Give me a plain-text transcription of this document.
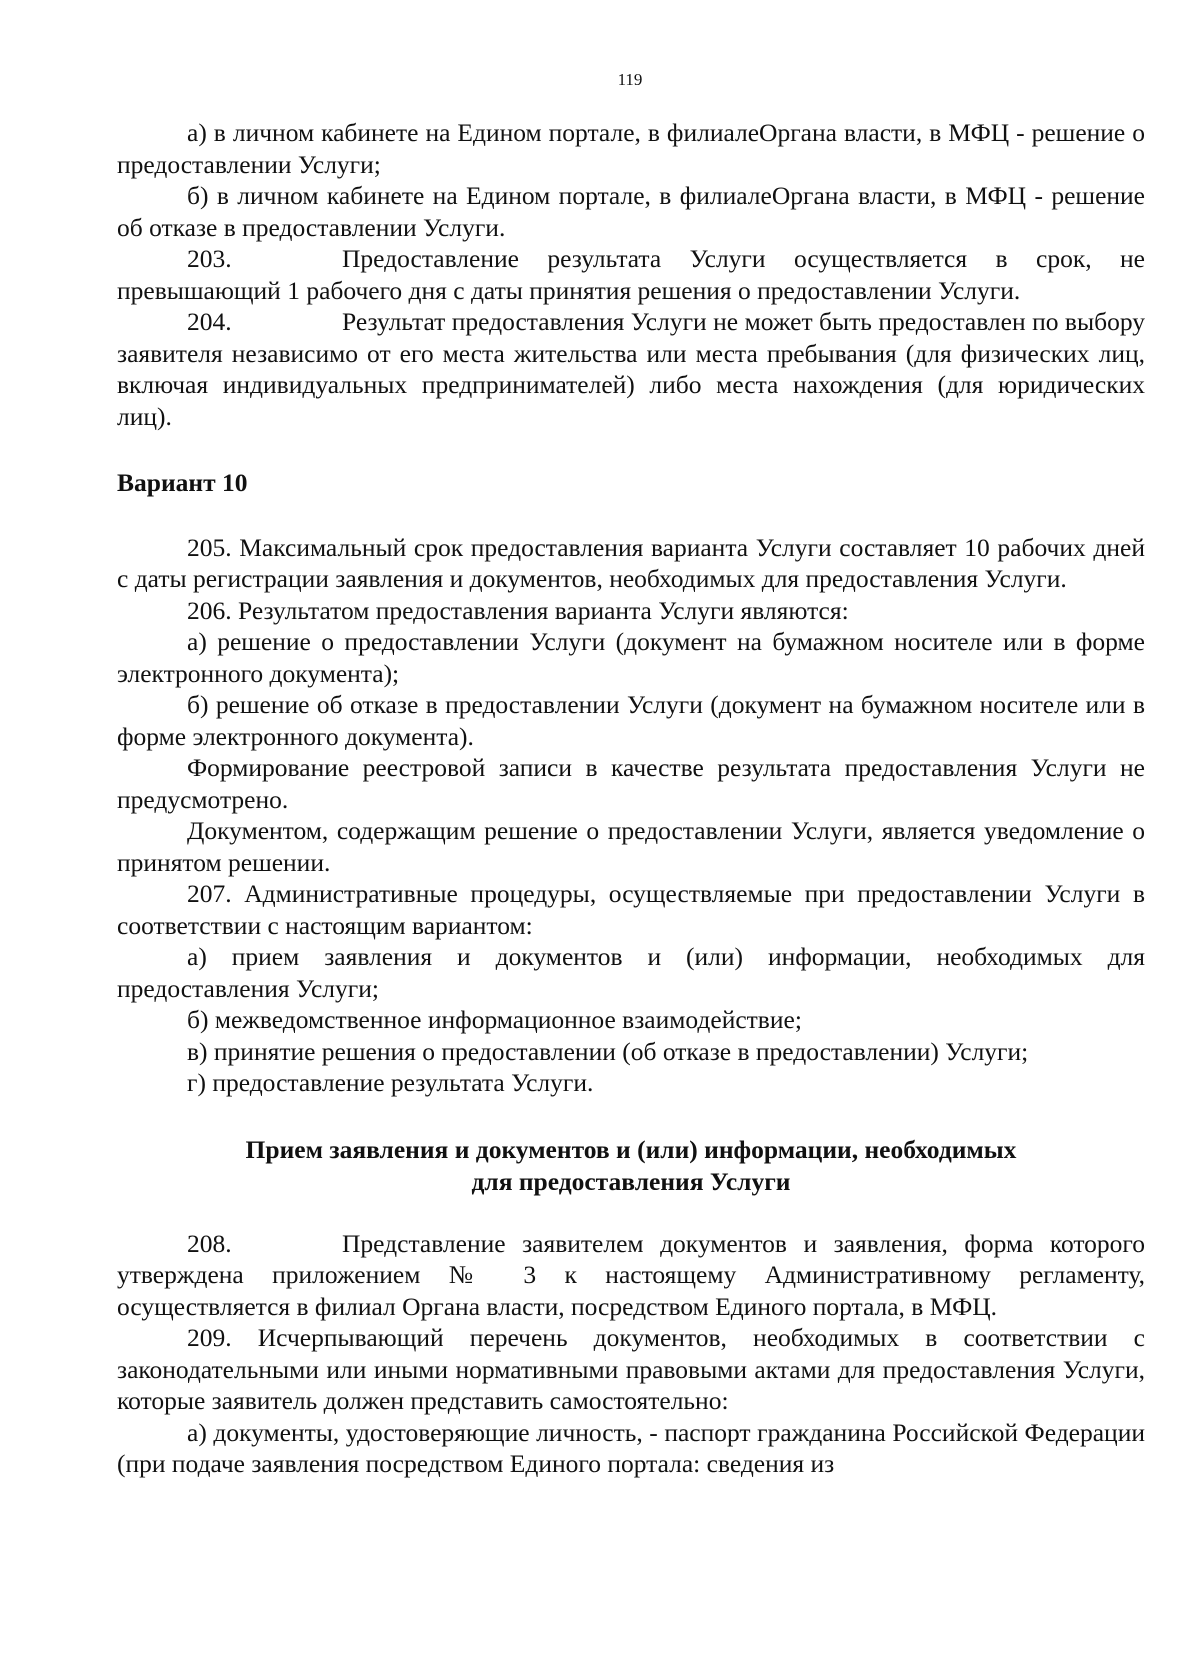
119

а) в личном кабинете на Едином портале, в филиалеОргана власти, в МФЦ - решение о предоставлении Услуги;

б) в личном кабинете на Едином портале, в филиалеОргана власти, в МФЦ - решение об отказе в предоставлении Услуги.

203.	Предоставление результата Услуги осуществляется в срок, не превышающий 1 рабочего дня с даты принятия решения о предоставлении Услуги.

204.	Результат предоставления Услуги не может быть предоставлен по выбору заявителя независимо от его места жительства или места пребывания (для физических лиц, включая индивидуальных предпринимателей) либо места нахождения (для юридических лиц).

Вариант 10

205. Максимальный срок предоставления варианта Услуги составляет 10 рабочих дней с даты регистрации заявления и документов, необходимых для предоставления Услуги.

206. Результатом предоставления варианта Услуги являются:

а) решение о предоставлении Услуги (документ на бумажном носителе или в форме электронного документа);

б) решение об отказе в предоставлении Услуги (документ на бумажном носителе или в форме электронного документа).

Формирование реестровой записи в качестве результата предоставления Услуги не предусмотрено.

Документом, содержащим решение о предоставлении Услуги, является уведомление о принятом решении.

207. Административные процедуры, осуществляемые при предоставлении Услуги в соответствии с настоящим вариантом:

а) прием заявления и документов и (или) информации, необходимых для предоставления Услуги;

б) межведомственное информационное взаимодействие;

в) принятие решения о предоставлении (об отказе в предоставлении) Услуги;

г) предоставление результата Услуги.

Прием заявления и документов и (или) информации, необходимых
для предоставления Услуги

208.	Представление заявителем документов и заявления, форма которого утверждена приложением № 3 к настоящему Административному регламенту, осуществляется в филиал Органа власти, посредством Единого портала, в МФЦ.

209. Исчерпывающий перечень документов, необходимых в соответствии с законодательными или иными нормативными правовыми актами для предоставления Услуги, которые заявитель должен представить самостоятельно:

а) документы, удостоверяющие личность, - паспорт гражданина Российской Федерации (при подаче заявления посредством Единого портала: сведения из
